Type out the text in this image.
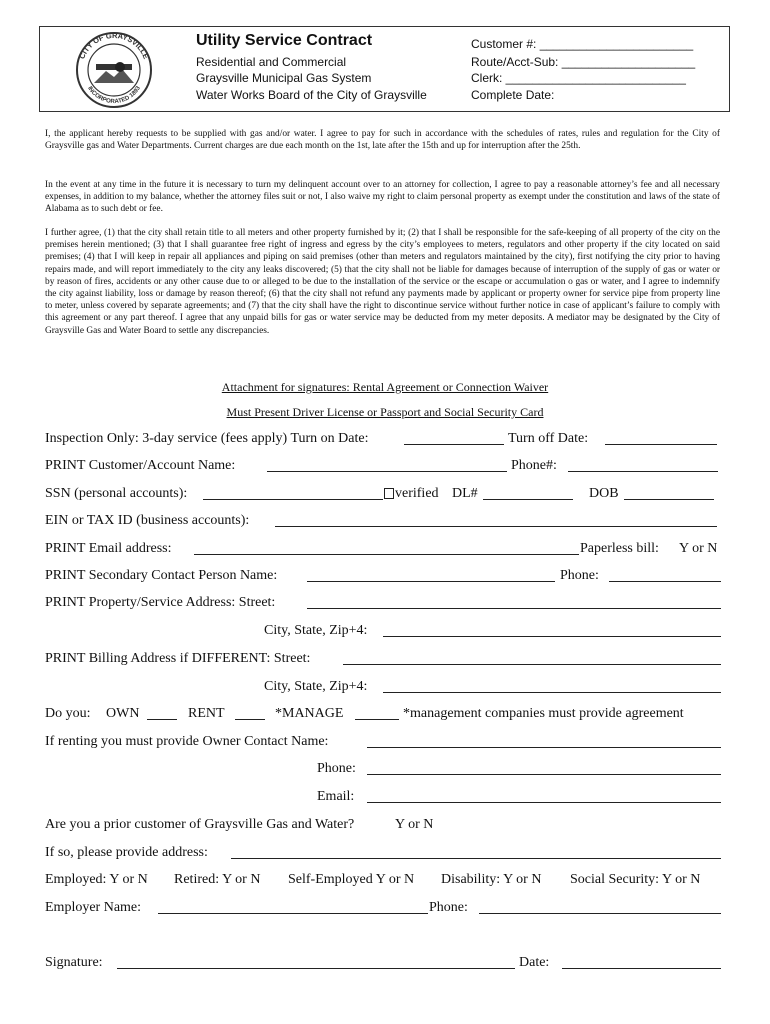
CITY OF GRAYSVILLE
INCORPORATED 1893
Utility Service Contract
Residential and Commercial
Graysville Municipal Gas System
Water Works Board of the City of Graysville
Customer #: _______________________
Route/Acct-Sub: ____________________
Clerk: ___________________________
Complete Date:
I, the applicant hereby requests to be supplied with gas and/or water. I agree to pay for such in accordance with the schedules of rates, rules and regulation for the City of Graysville gas and Water Departments. Current charges are due each month on the 1st, late after the 15th and up for interruption after the 25th.
In the event at any time in the future it is necessary to turn my delinquent account over to an attorney for collection, I agree to pay a reasonable attorney’s fee and all necessary expenses, in addition to my balance, whether the attorney files suit or not, I also waive my right to claim personal property as exempt under the constitution and laws of the state of Alabama as to such debt or fee.
I further agree, (1) that the city shall retain title to all meters and other property furnished by it; (2) that I shall be responsible for the safe-keeping of all property of the city on the premises herein mentioned; (3) that I shall guarantee free right of ingress and egress by the city’s employees to meters, regulators and other property if the city located on said premises; (4) that I will keep in repair all appliances and piping on said premises (other than meters and regulators maintained by the city), first notifying the city prior to having repairs made, and will report immediately to the city any leaks discovered; (5) that the city shall not be liable for damages because of interruption of the supply of gas or water or by reason of fires, accidents or any other cause due to or alleged to be due to the installation of the service or the escape or accumulation o gas or water, and I agree to indemnify the city against liability, loss or damage by reason thereof; (6) that the city shall not refund any payments made by applicant or property owner for service pipe from property line to meter, unless covered by separate agreements; and (7) that the city shall have the right to discontinue service without further notice in case of applicant’s failure to comply with this agreement or any part thereof. I agree that any unpaid bills for gas or water service may be deducted from my meter deposits. A mediator may be designated by the City of Graysville Gas and Water Board to settle any discrepancies.
Attachment for signatures: Rental Agreement or Connection Waiver
Must Present Driver License or Passport and Social Security Card
Inspection Only: 3-day service (fees apply) Turn on Date:	Turn off Date:
PRINT Customer/Account Name:	Phone#:
SSN (personal accounts):	verified DL#	DOB
EIN or TAX ID (business accounts):
PRINT Email address:	Paperless bill: Y or N
PRINT Secondary Contact Person Name:	Phone:
PRINT Property/Service Address: Street:
City, State, Zip+4:
PRINT Billing Address if DIFFERENT: Street:
City, State, Zip+4:
Do you: OWN	RENT	*MANAGE	*management companies must provide agreement
If renting you must provide Owner Contact Name:
Phone:
Email:
Are you a prior customer of Graysville Gas and Water?	Y or N
If so, please provide address:
Employed: Y or N Retired: Y or N Self-Employed Y or N Disability: Y or N Social Security: Y or N
Employer Name:	Phone:
Signature:	Date:
